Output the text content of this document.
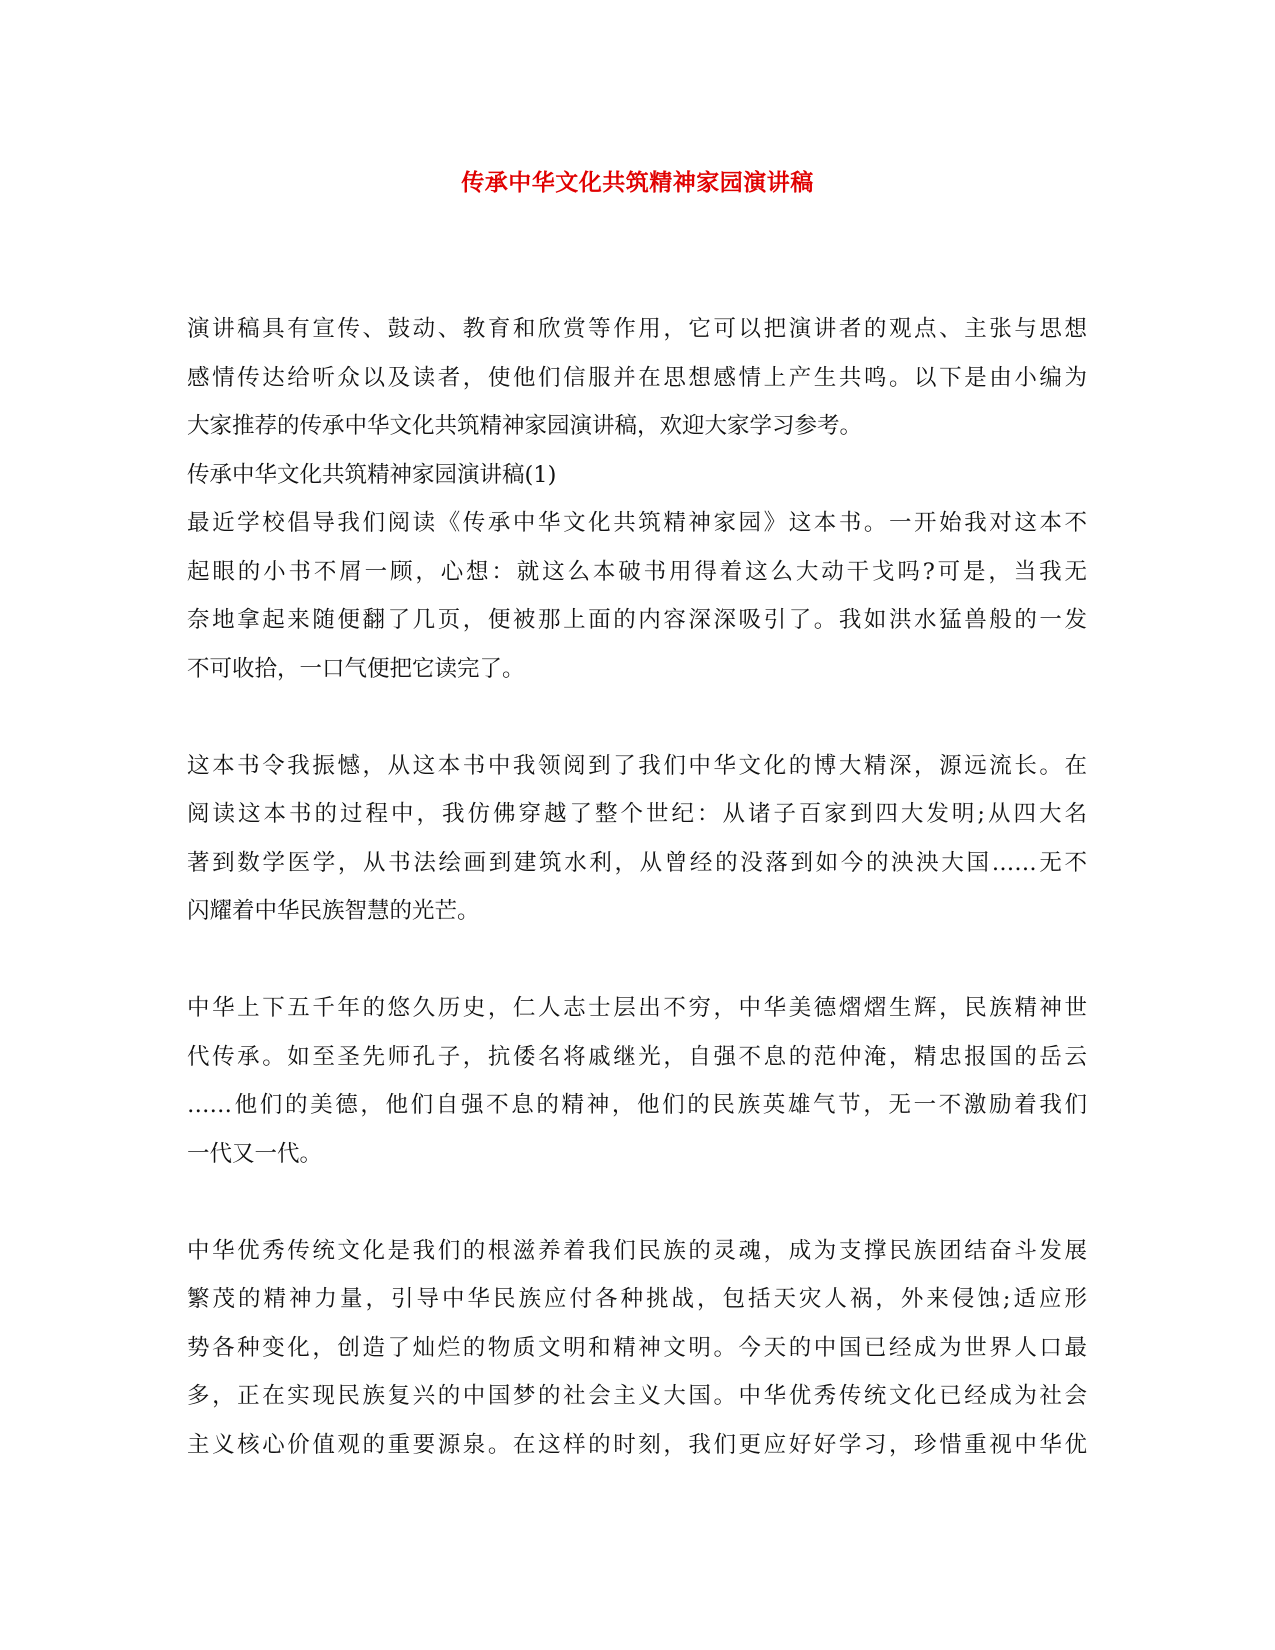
传承中华文化共筑精神家园演讲稿
演讲稿具有宣传、鼓动、教育和欣赏等作用，它可以把演讲者的观点、主张与思想
感情传达给听众以及读者，使他们信服并在思想感情上产生共鸣。以下是由小编为
大家推荐的传承中华文化共筑精神家园演讲稿，欢迎大家学习参考。
传承中华文化共筑精神家园演讲稿(1)
最近学校倡导我们阅读《传承中华文化共筑精神家园》这本书。一开始我对这本不
起眼的小书不屑一顾，心想：就这么本破书用得着这么大动干戈吗?可是，当我无
奈地拿起来随便翻了几页，便被那上面的内容深深吸引了。我如洪水猛兽般的一发
不可收拾，一口气便把它读完了。
这本书令我振憾，从这本书中我领阅到了我们中华文化的博大精深，源远流长。在
阅读这本书的过程中，我仿佛穿越了整个世纪：从诸子百家到四大发明;从四大名
著到数学医学，从书法绘画到建筑水利，从曾经的没落到如今的泱泱大国……无不
闪耀着中华民族智慧的光芒。
中华上下五千年的悠久历史，仁人志士层出不穷，中华美德熠熠生辉，民族精神世
代传承。如至圣先师孔子，抗倭名将戚继光，自强不息的范仲淹，精忠报国的岳云
……他们的美德，他们自强不息的精神，他们的民族英雄气节，无一不激励着我们
一代又一代。
中华优秀传统文化是我们的根滋养着我们民族的灵魂，成为支撑民族团结奋斗发展
繁茂的精神力量，引导中华民族应付各种挑战，包括天灾人祸，外来侵蚀;适应形
势各种变化，创造了灿烂的物质文明和精神文明。今天的中国已经成为世界人口最
多，正在实现民族复兴的中国梦的社会主义大国。中华优秀传统文化已经成为社会
主义核心价值观的重要源泉。在这样的时刻，我们更应好好学习，珍惜重视中华优
